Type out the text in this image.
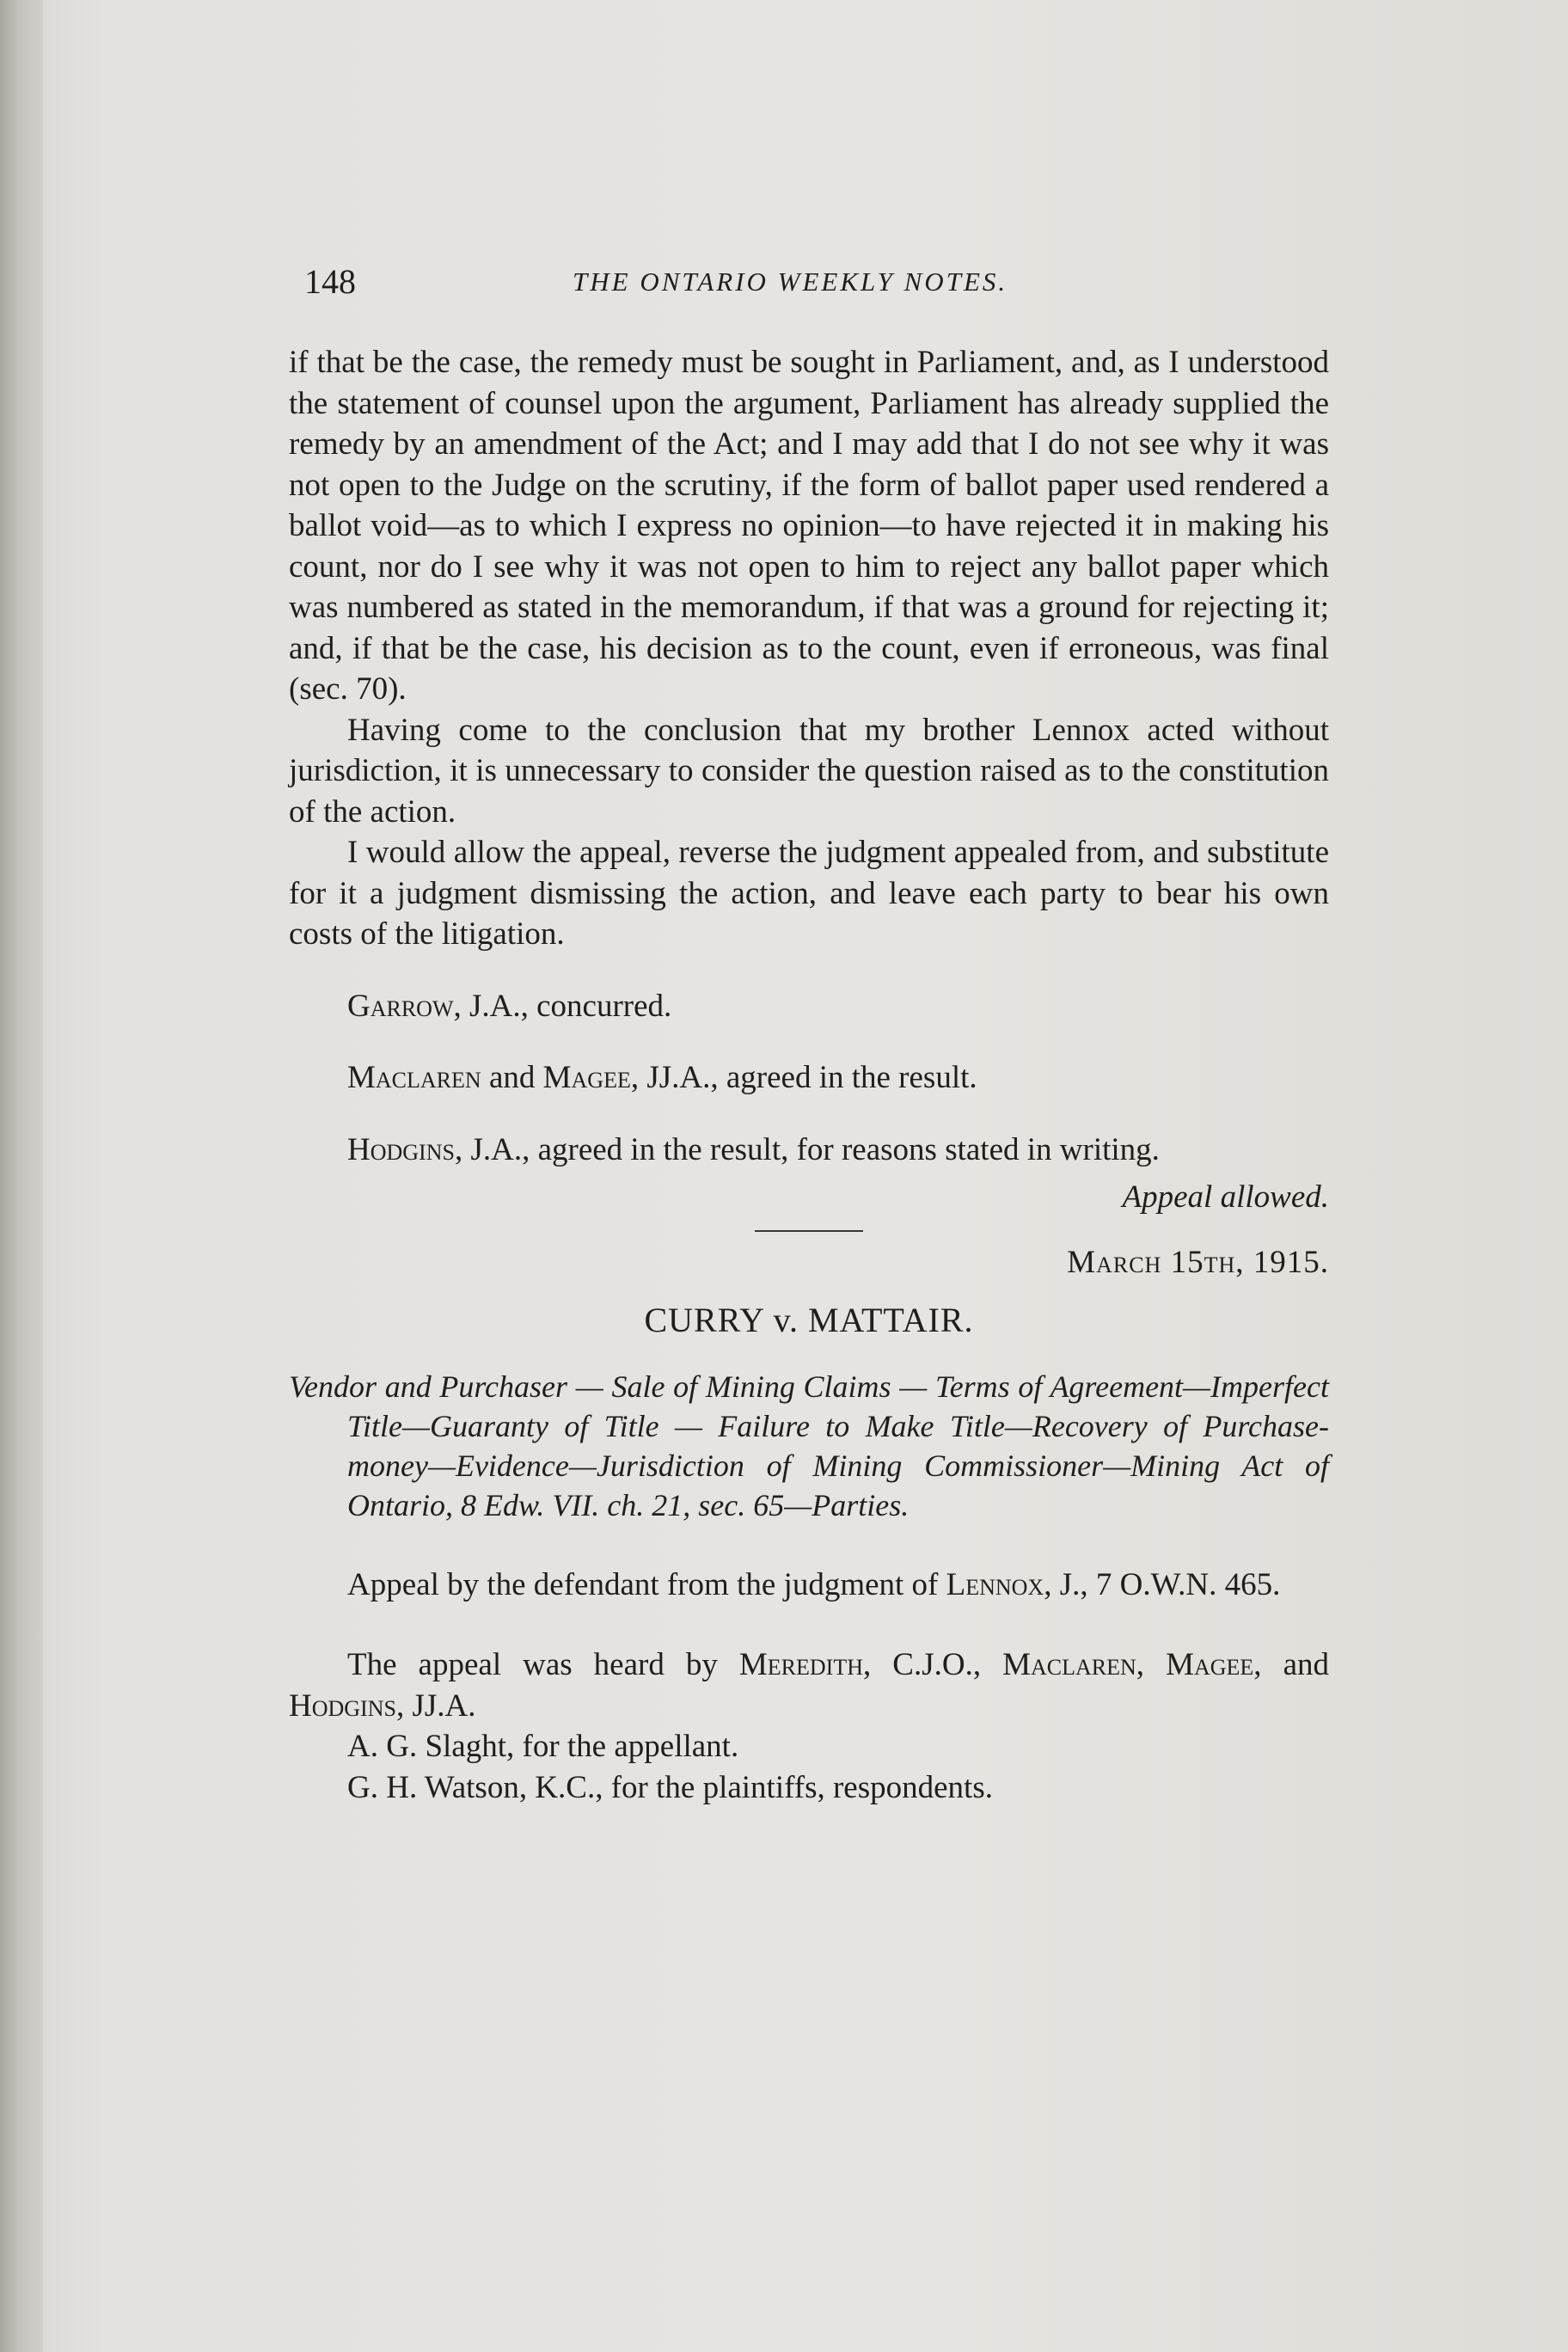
148	THE ONTARIO WEEKLY NOTES.

if that be the case, the remedy must be sought in Parliament, and, as I understood the statement of counsel upon the argument, Parliament has already supplied the remedy by an amendment of the Act; and I may add that I do not see why it was not open to the Judge on the scrutiny, if the form of ballot paper used rendered a ballot void—as to which I express no opinion—to have rejected it in making his count, nor do I see why it was not open to him to reject any ballot paper which was numbered as stated in the memorandum, if that was a ground for rejecting it; and, if that be the case, his decision as to the count, even if erroneous, was final (sec. 70).

Having come to the conclusion that my brother Lennox acted without jurisdiction, it is unnecessary to consider the question raised as to the constitution of the action.

I would allow the appeal, reverse the judgment appealed from, and substitute for it a judgment dismissing the action, and leave each party to bear his own costs of the litigation.

Garrow, J.A., concurred.

Maclaren and Magee, JJ.A., agreed in the result.

Hodgins, J.A., agreed in the result, for reasons stated in writing.

Appeal allowed.

March 15th, 1915.

CURRY v. MATTAIR.

Vendor and Purchaser — Sale of Mining Claims — Terms of Agreement—Imperfect Title—Guaranty of Title — Failure to Make Title—Recovery of Purchase-money—Evidence—Jurisdiction of Mining Commissioner—Mining Act of Ontario, 8 Edw. VII. ch. 21, sec. 65—Parties.

Appeal by the defendant from the judgment of Lennox, J., 7 O.W.N. 465.

The appeal was heard by Meredith, C.J.O., Maclaren, Magee, and Hodgins, JJ.A.

A. G. Slaght, for the appellant.

G. H. Watson, K.C., for the plaintiffs, respondents.
